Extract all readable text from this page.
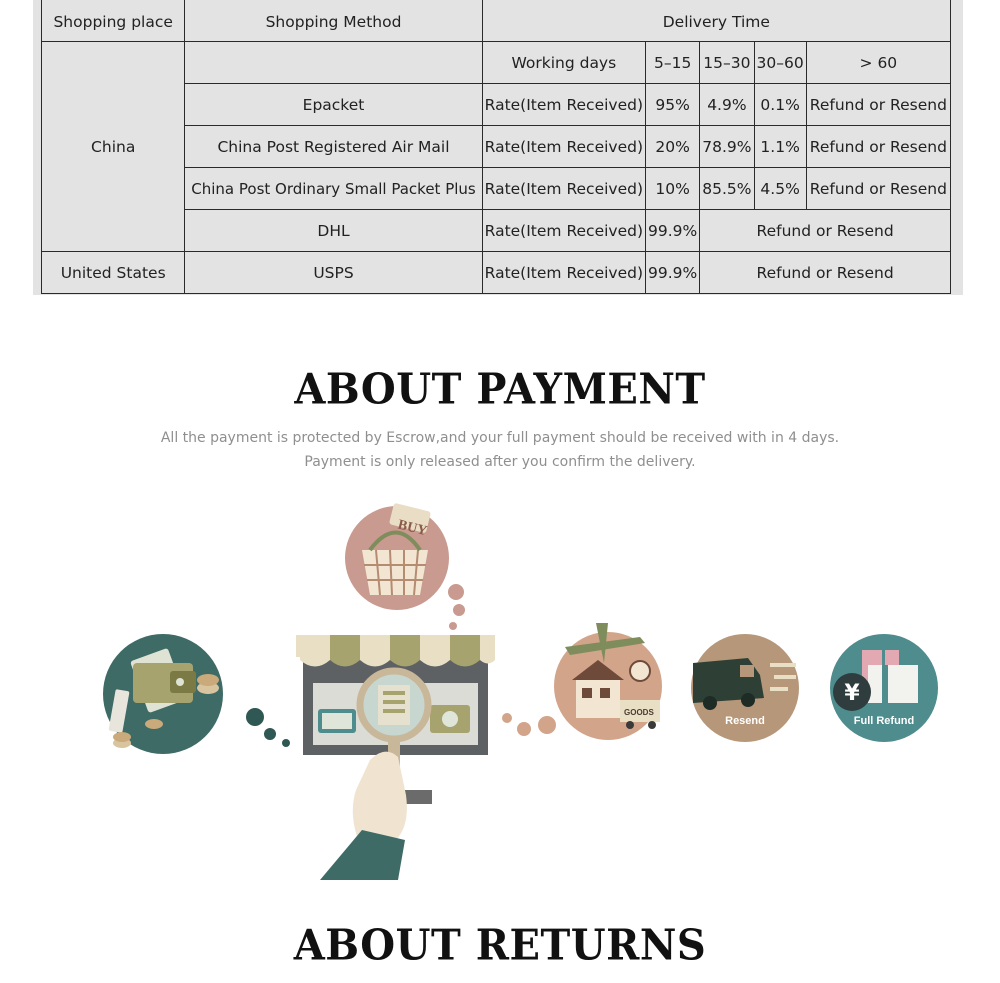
Shopping place	Shopping Method	Delivery Time				
China		Working days	5–15	15–30	30–60	> 60
	Epacket	Rate(Item Received)	95%	4.9%	0.1%	Refund or Resend
	China Post Registered Air Mail	Rate(Item Received)	20%	78.9%	1.1%	Refund or Resend
	China Post Ordinary Small Packet Plus	Rate(Item Received)	10%	85.5%	4.5%	Refund or Resend
	DHL	Rate(Item Received)	99.9%	Refund or Resend		
United States	USPS	Rate(Item Received)	99.9%	Refund or Resend		
ABOUT PAYMENT
All the payment is protected by Escrow,and your full payment should be received with in 4 days.
Payment is only released after you confirm the delivery.
BUY
GOODS
Resend
¥
Full Refund
ABOUT RETURNS
